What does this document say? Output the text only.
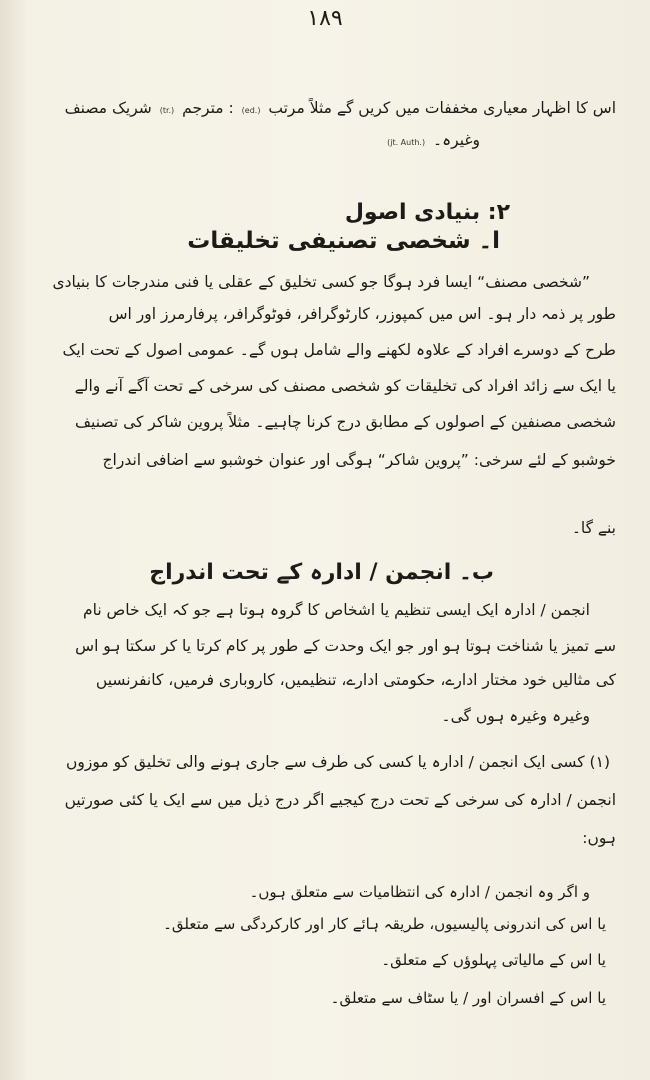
۱۸۹
اس کا اظہار معیاری مخففات میں کریں گے مثلاً مرتب (ed.) : مترجم (tr.) شریک مصنف
وغیرہ۔ (jt. Auth.)
۲: بنیادی اصول
ا۔ شخصی تصنیفی تخلیقات
”شخصی مصنف“ ایسا فرد ہوگا جو کسی تخلیق کے عقلی یا فنی مندرجات کا بنیادی
طور پر ذمہ دار ہو۔ اس میں کمپوزر، کارٹوگرافر، فوٹوگرافر، پرفارمرز اور اس
طرح کے دوسرے افراد کے علاوہ لکھنے والے شامل ہوں گے۔ عمومی اصول کے تحت ایک
یا ایک سے زائد افراد کی تخلیقات کو شخصی مصنف کی سرخی کے تحت آگے آنے والے
شخصی مصنفین کے اصولوں کے مطابق درج کرنا چاہیے۔ مثلاً پروین شاکر کی تصنیف
خوشبو کے لئے سرخی: ”پروین شاکر“ ہوگی اور عنوان خوشبو سے اضافی اندراج
بنے گا۔
ب۔ انجمن / ادارہ کے تحت اندراج
انجمن / ادارہ ایک ایسی تنظیم یا اشخاص کا گروہ ہوتا ہے جو کہ ایک خاص نام
سے تمیز یا شناخت ہوتا ہو اور جو ایک وحدت کے طور پر کام کرتا یا کر سکتا ہو اس
کی مثالیں خود مختار ادارے، حکومتی ادارے، تنظیمیں، کاروباری فرمیں، کانفرنسیں
وغیرہ وغیرہ ہوں گی۔
(۱) کسی ایک انجمن / ادارہ یا کسی کی طرف سے جاری ہونے والی تخلیق کو موزوں
انجمن / ادارہ کی سرخی کے تحت درج کیجیے اگر درج ذیل میں سے ایک یا کئی صورتیں
ہوں:
و اگر وہ انجمن / ادارہ کی انتظامیات سے متعلق ہوں۔
یا اس کی اندرونی پالیسیوں، طریقہ ہائے کار اور کارکردگی سے متعلق۔
یا اس کے مالیاتی پہلوؤں کے متعلق۔
یا اس کے افسران اور / یا سٹاف سے متعلق۔
